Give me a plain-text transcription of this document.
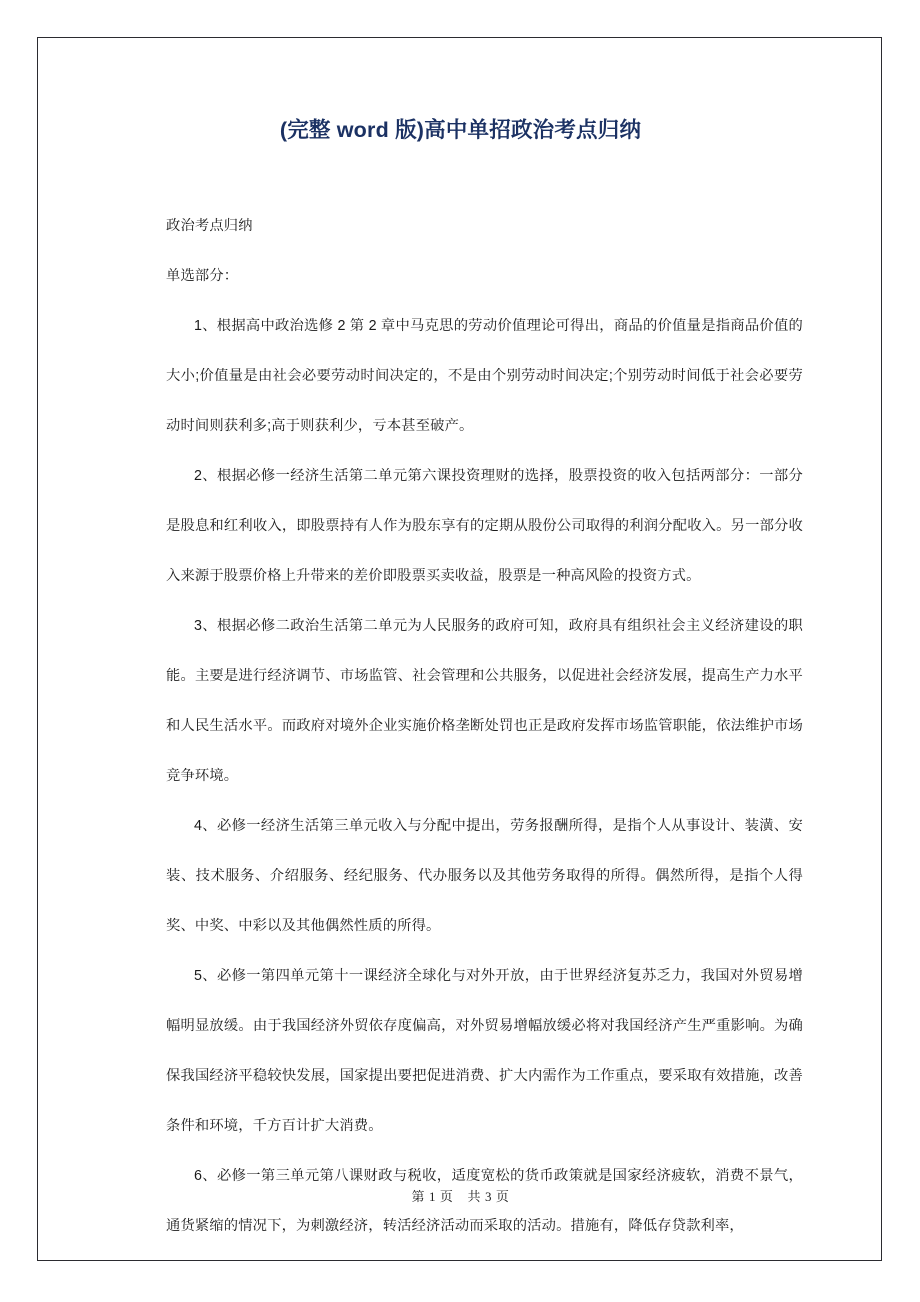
(完整 word 版)高中单招政治考点归纳

政治考点归纳

单选部分：

1、根据高中政治选修 2 第 2 章中马克思的劳动价值理论可得出，商品的价值量是指商品价值的大小;价值量是由社会必要劳动时间决定的，不是由个别劳动时间决定;个别劳动时间低于社会必要劳动时间则获利多;高于则获利少，亏本甚至破产。

2、根据必修一经济生活第二单元第六课投资理财的选择，股票投资的收入包括两部分：一部分是股息和红利收入，即股票持有人作为股东享有的定期从股份公司取得的利润分配收入。另一部分收入来源于股票价格上升带来的差价即股票买卖收益，股票是一种高风险的投资方式。

3、根据必修二政治生活第二单元为人民服务的政府可知，政府具有组织社会主义经济建设的职能。主要是进行经济调节、市场监管、社会管理和公共服务，以促进社会经济发展，提高生产力水平和人民生活水平。而政府对境外企业实施价格垄断处罚也正是政府发挥市场监管职能，依法维护市场竞争环境。

4、必修一经济生活第三单元收入与分配中提出，劳务报酬所得，是指个人从事设计、装潢、安装、技术服务、介绍服务、经纪服务、代办服务以及其他劳务取得的所得。偶然所得，是指个人得奖、中奖、中彩以及其他偶然性质的所得。

5、必修一第四单元第十一课经济全球化与对外开放，由于世界经济复苏乏力，我国对外贸易增幅明显放缓。由于我国经济外贸依存度偏高，对外贸易增幅放缓必将对我国经济产生严重影响。为确保我国经济平稳较快发展，国家提出要把促进消费、扩大内需作为工作重点，要采取有效措施，改善条件和环境，千方百计扩大消费。

6、必修一第三单元第八课财政与税收，适度宽松的货币政策就是国家经济疲软，消费不景气，通货紧缩的情况下，为刺激经济，转活经济活动而采取的活动。措施有，降低存贷款利率，

第 1 页 共 3 页
